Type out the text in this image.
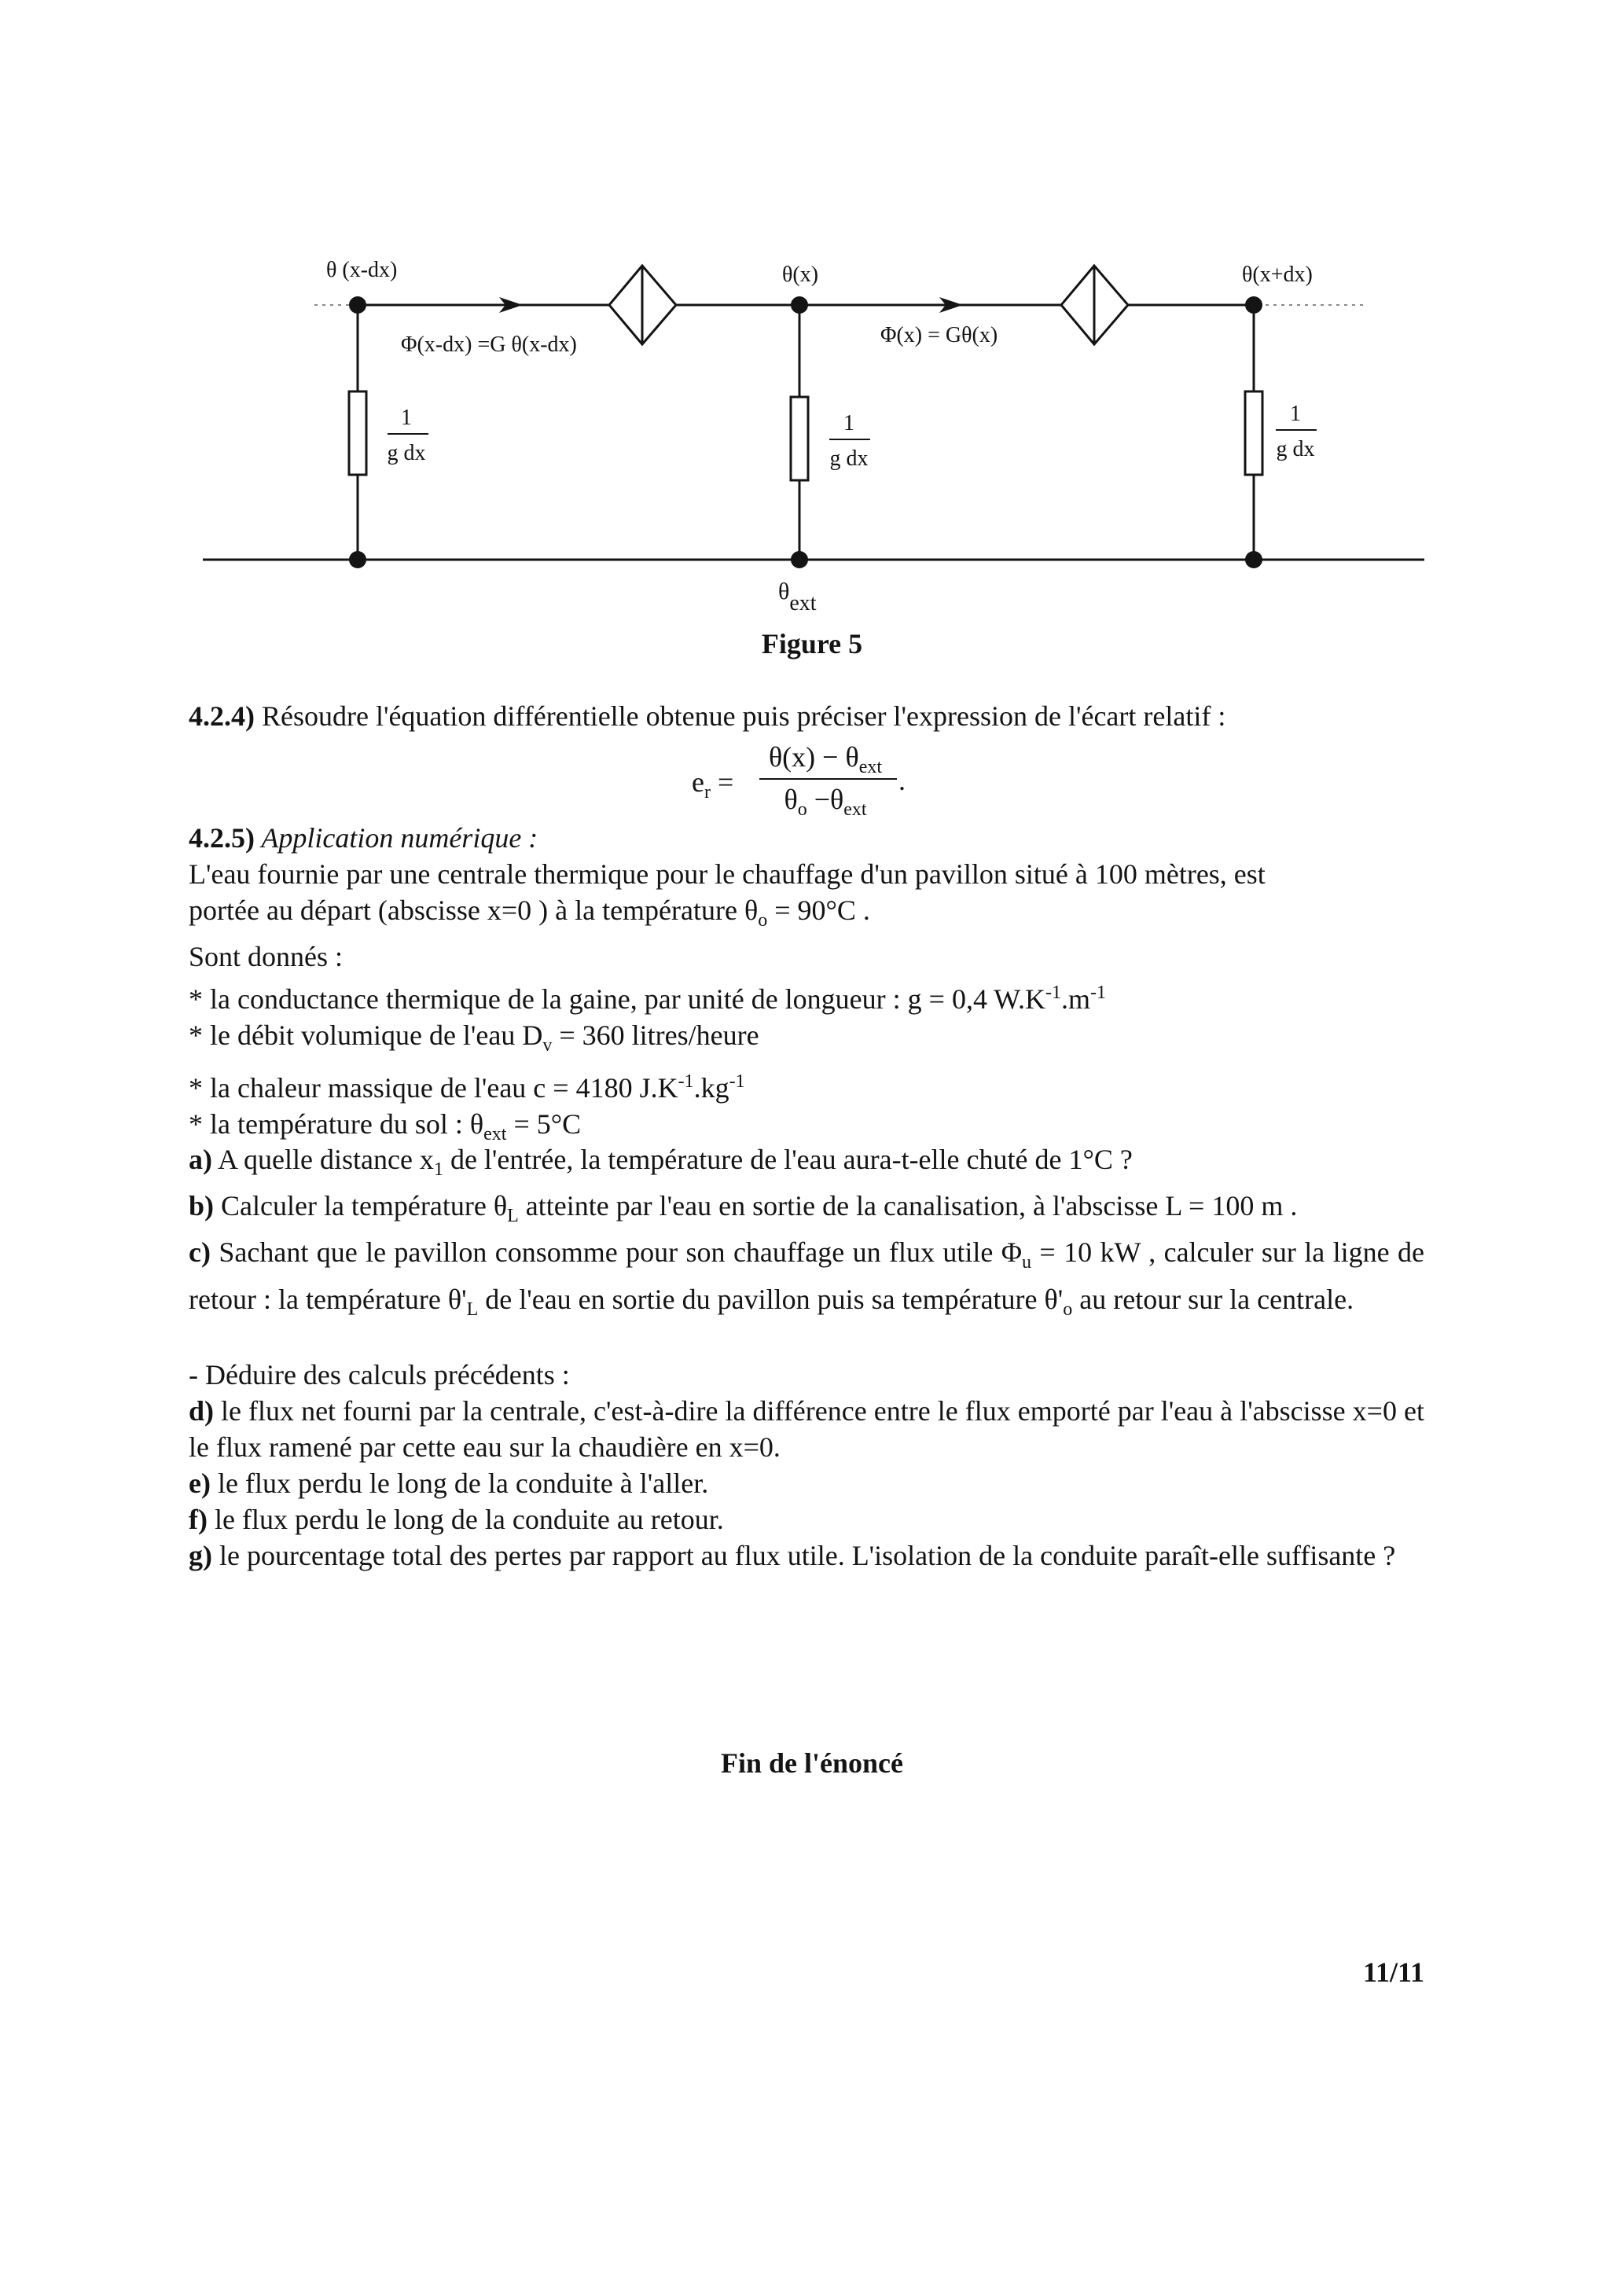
θ (x-dx)	θ(x)	θ(x+dx)
Φ(x-dx) =G θ(x-dx)	Φ(x) = Gθ(x)
1
g dx
1
g dx
1
g dx
θext
Figure 5
4.2.4) Résoudre l'équation différentielle obtenue puis préciser l'expression de l'écart relatif :
$e_r$ =
$\theta(x) - \theta_{ext}$
$\theta_o -\theta_{ext}$
.
4.2.5) Application numérique :
L'eau fournie par une centrale thermique pour le chauffage d'un pavillon situé à 100 mètres, est
portée au départ (abscisse x=0 ) à la température $\theta_o = 90^\circ C$ .
Sont donnés :
* la conductance thermique de la gaine, par unité de longueur : g = 0,4 $W.K^{-1}.m^{-1}$
* le débit volumique de l'eau $D_v = 360$ litres/heure
* la chaleur massique de l'eau c = 4180 $J.K^{-1}.kg^{-1}$
* la température du sol : $\theta_{ext} = 5^\circ C$
a) A quelle distance $x_1$ de l'entrée, la température de l'eau aura-t-elle chuté de 1°C ?
b) Calculer la température $\theta_L$ atteinte par l'eau en sortie de la canalisation, à l'abscisse L = 100 m .
c) Sachant que le pavillon consomme pour son chauffage un flux utile $\Phi_u = 10$ kW , calculer sur la ligne de retour : la température $\theta'_L$ de l'eau en sortie du pavillon puis sa température $\theta'_o$ au retour sur la centrale.
- Déduire des calculs précédents :
d) le flux net fourni par la centrale, c'est-à-dire la différence entre le flux emporté par l'eau à l'abscisse x=0 et le flux ramené par cette eau sur la chaudière en x=0.
e) le flux perdu le long de la conduite à l'aller.
f) le flux perdu le long de la conduite au retour.
g) le pourcentage total des pertes par rapport au flux utile. L'isolation de la conduite paraît-elle suffisante ?
Fin de l'énoncé
11/11
